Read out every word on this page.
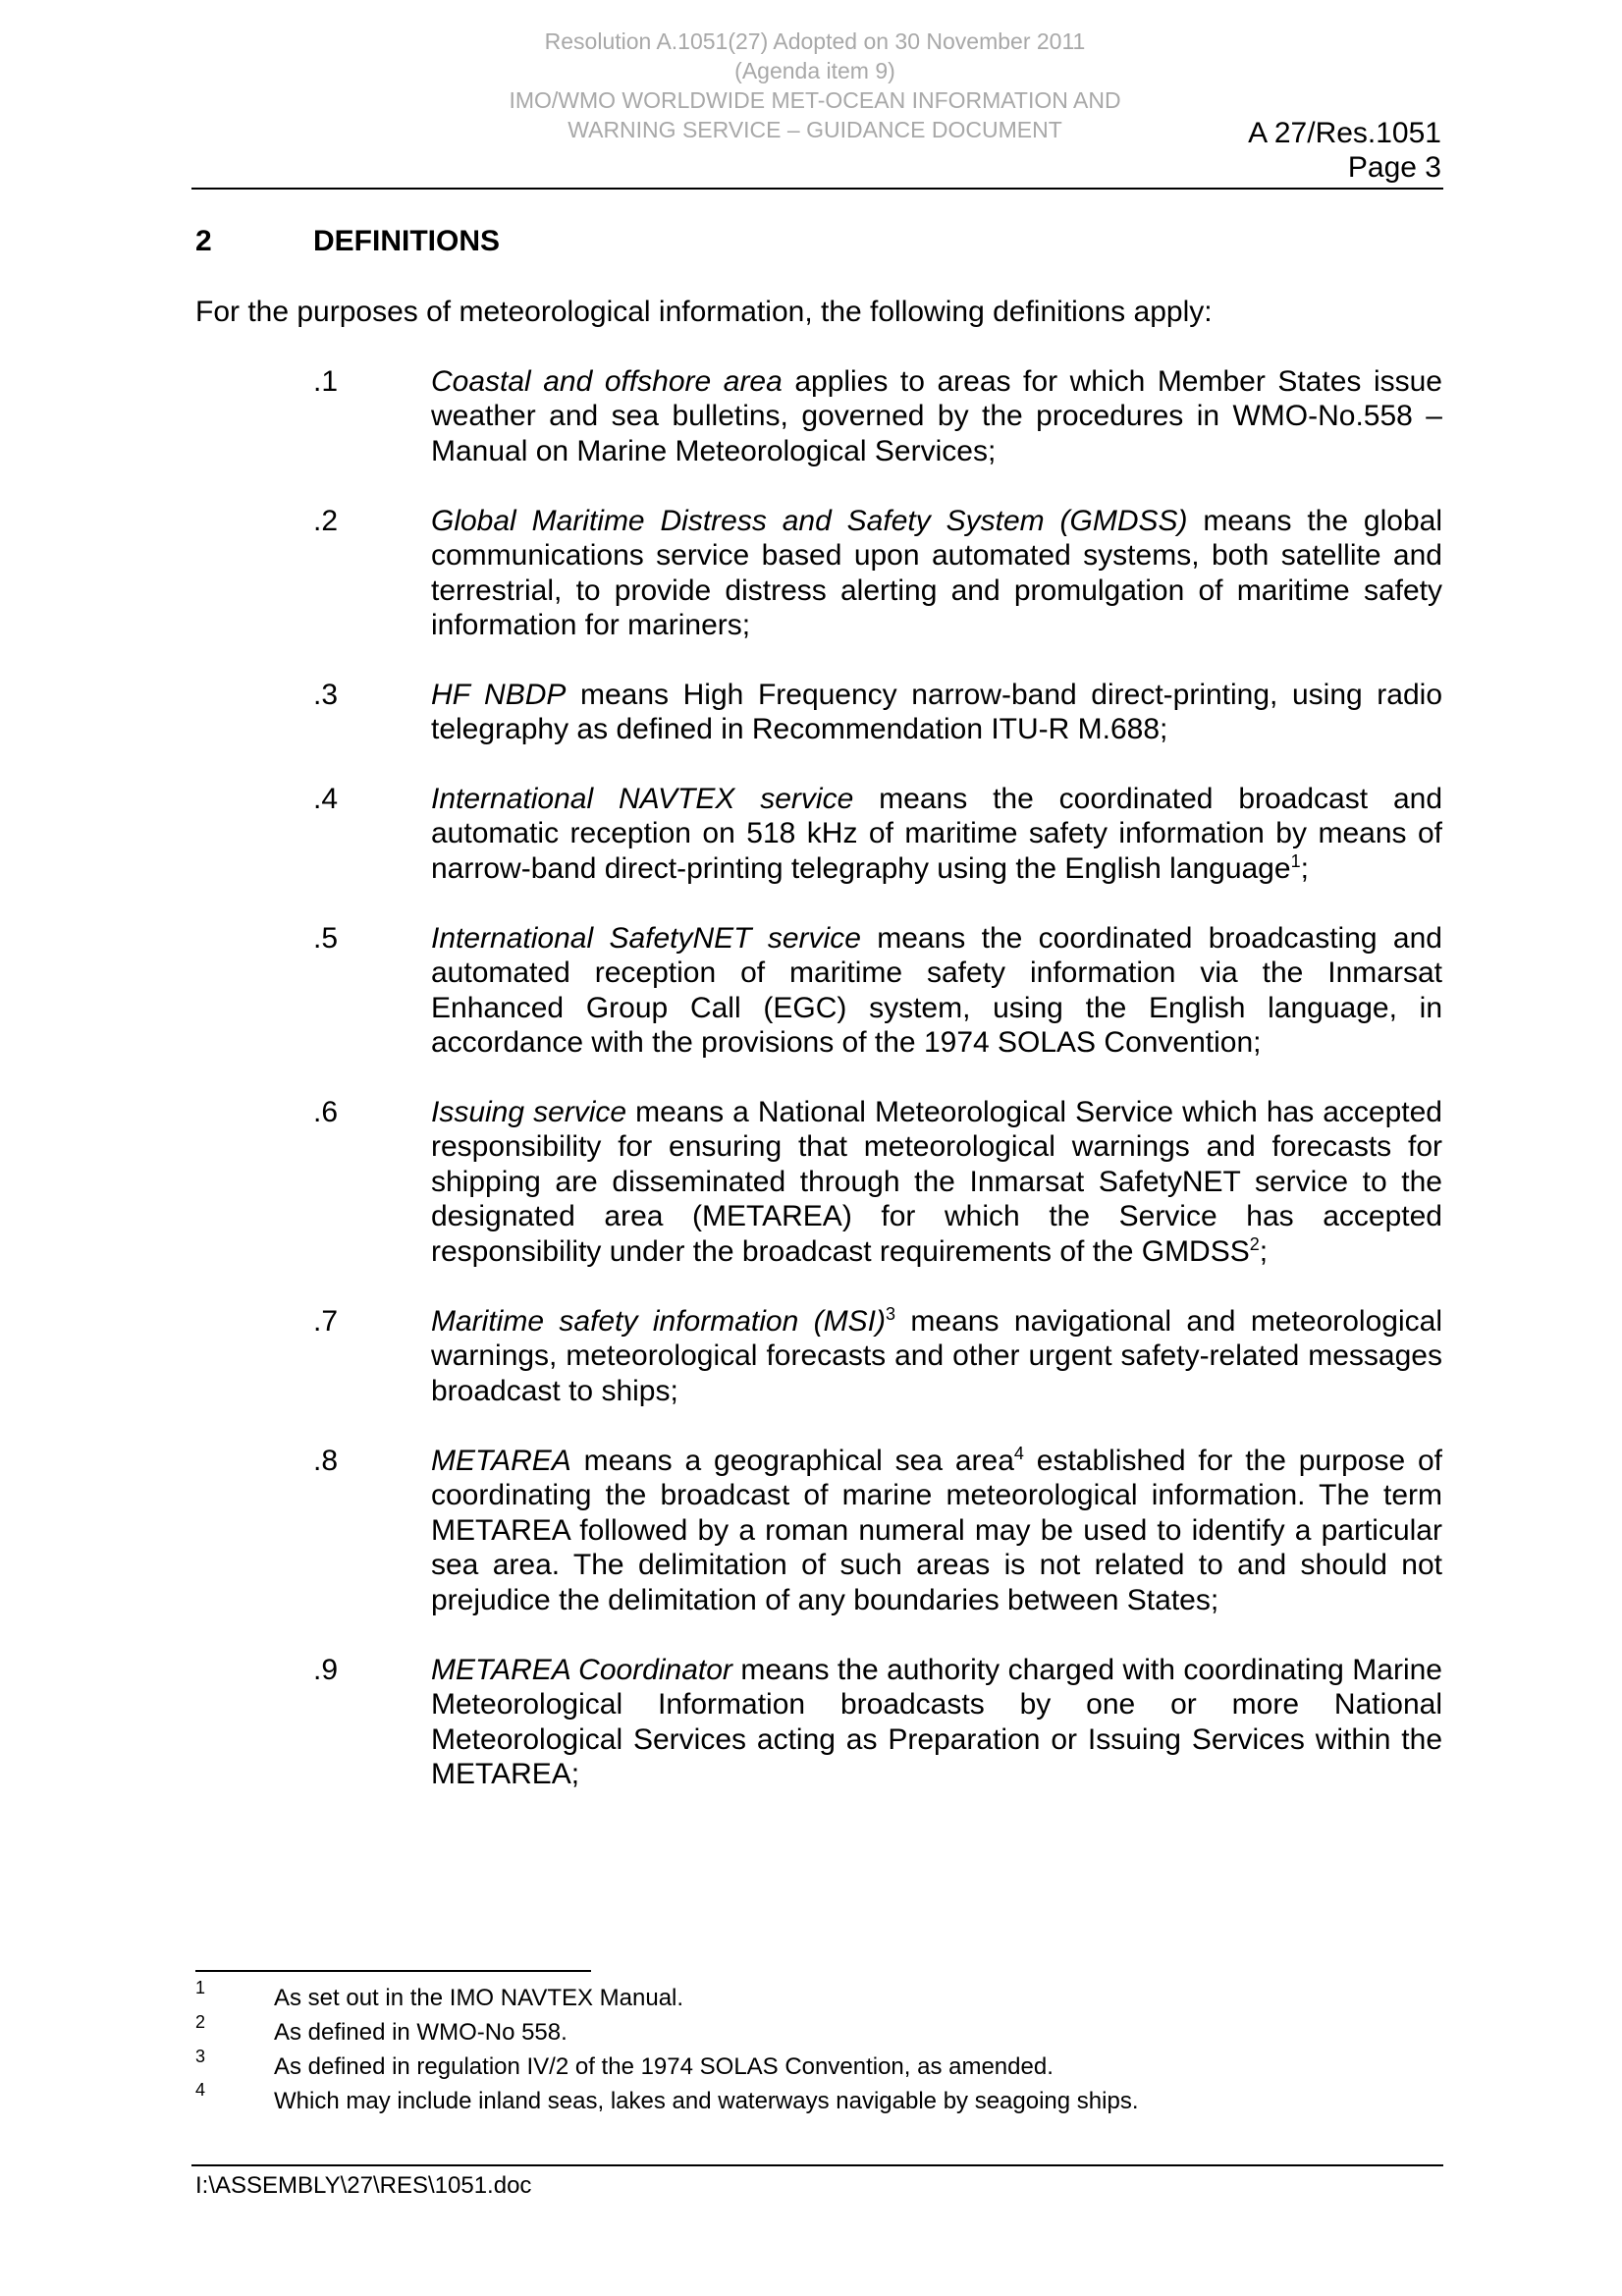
Resolution A.1051(27) Adopted on 30 November 2011
(Agenda item 9)
IMO/WMO WORLDWIDE MET-OCEAN INFORMATION AND
WARNING SERVICE – GUIDANCE DOCUMENT	A 27/Res.1051
Page 3
2	DEFINITIONS
For the purposes of meteorological information, the following definitions apply:
.1	Coastal and offshore area applies to areas for which Member States issue weather and sea bulletins, governed by the procedures in WMO-No.558 – Manual on Marine Meteorological Services;
.2	Global Maritime Distress and Safety System (GMDSS) means the global communications service based upon automated systems, both satellite and terrestrial, to provide distress alerting and promulgation of maritime safety information for mariners;
.3	HF NBDP means High Frequency narrow-band direct-printing, using radio telegraphy as defined in Recommendation ITU-R M.688;
.4	International NAVTEX service means the coordinated broadcast and automatic reception on 518 kHz of maritime safety information by means of narrow-band direct-printing telegraphy using the English language$^1$;
.5	International SafetyNET service means the coordinated broadcasting and automated reception of maritime safety information via the Inmarsat Enhanced Group Call (EGC) system, using the English language, in accordance with the provisions of the 1974 SOLAS Convention;
.6	Issuing service means a National Meteorological Service which has accepted responsibility for ensuring that meteorological warnings and forecasts for shipping are disseminated through the Inmarsat SafetyNET service to the designated area (METAREA) for which the Service has accepted responsibility under the broadcast requirements of the GMDSS$^2$;
.7	Maritime safety information (MSI)$^3$ means navigational and meteorological warnings, meteorological forecasts and other urgent safety-related messages broadcast to ships;
.8	METAREA means a geographical sea area$^4$ established for the purpose of coordinating the broadcast of marine meteorological information. The term METAREA followed by a roman numeral may be used to identify a particular sea area. The delimitation of such areas is not related to and should not prejudice the delimitation of any boundaries between States;
.9	METAREA Coordinator means the authority charged with coordinating Marine Meteorological Information broadcasts by one or more National Meteorological Services acting as Preparation or Issuing Services within the METAREA;
1	As set out in the IMO NAVTEX Manual.
2	As defined in WMO-No 558.
3	As defined in regulation IV/2 of the 1974 SOLAS Convention, as amended.
4	Which may include inland seas, lakes and waterways navigable by seagoing ships.
I:\ASSEMBLY\27\RES\1051.doc
